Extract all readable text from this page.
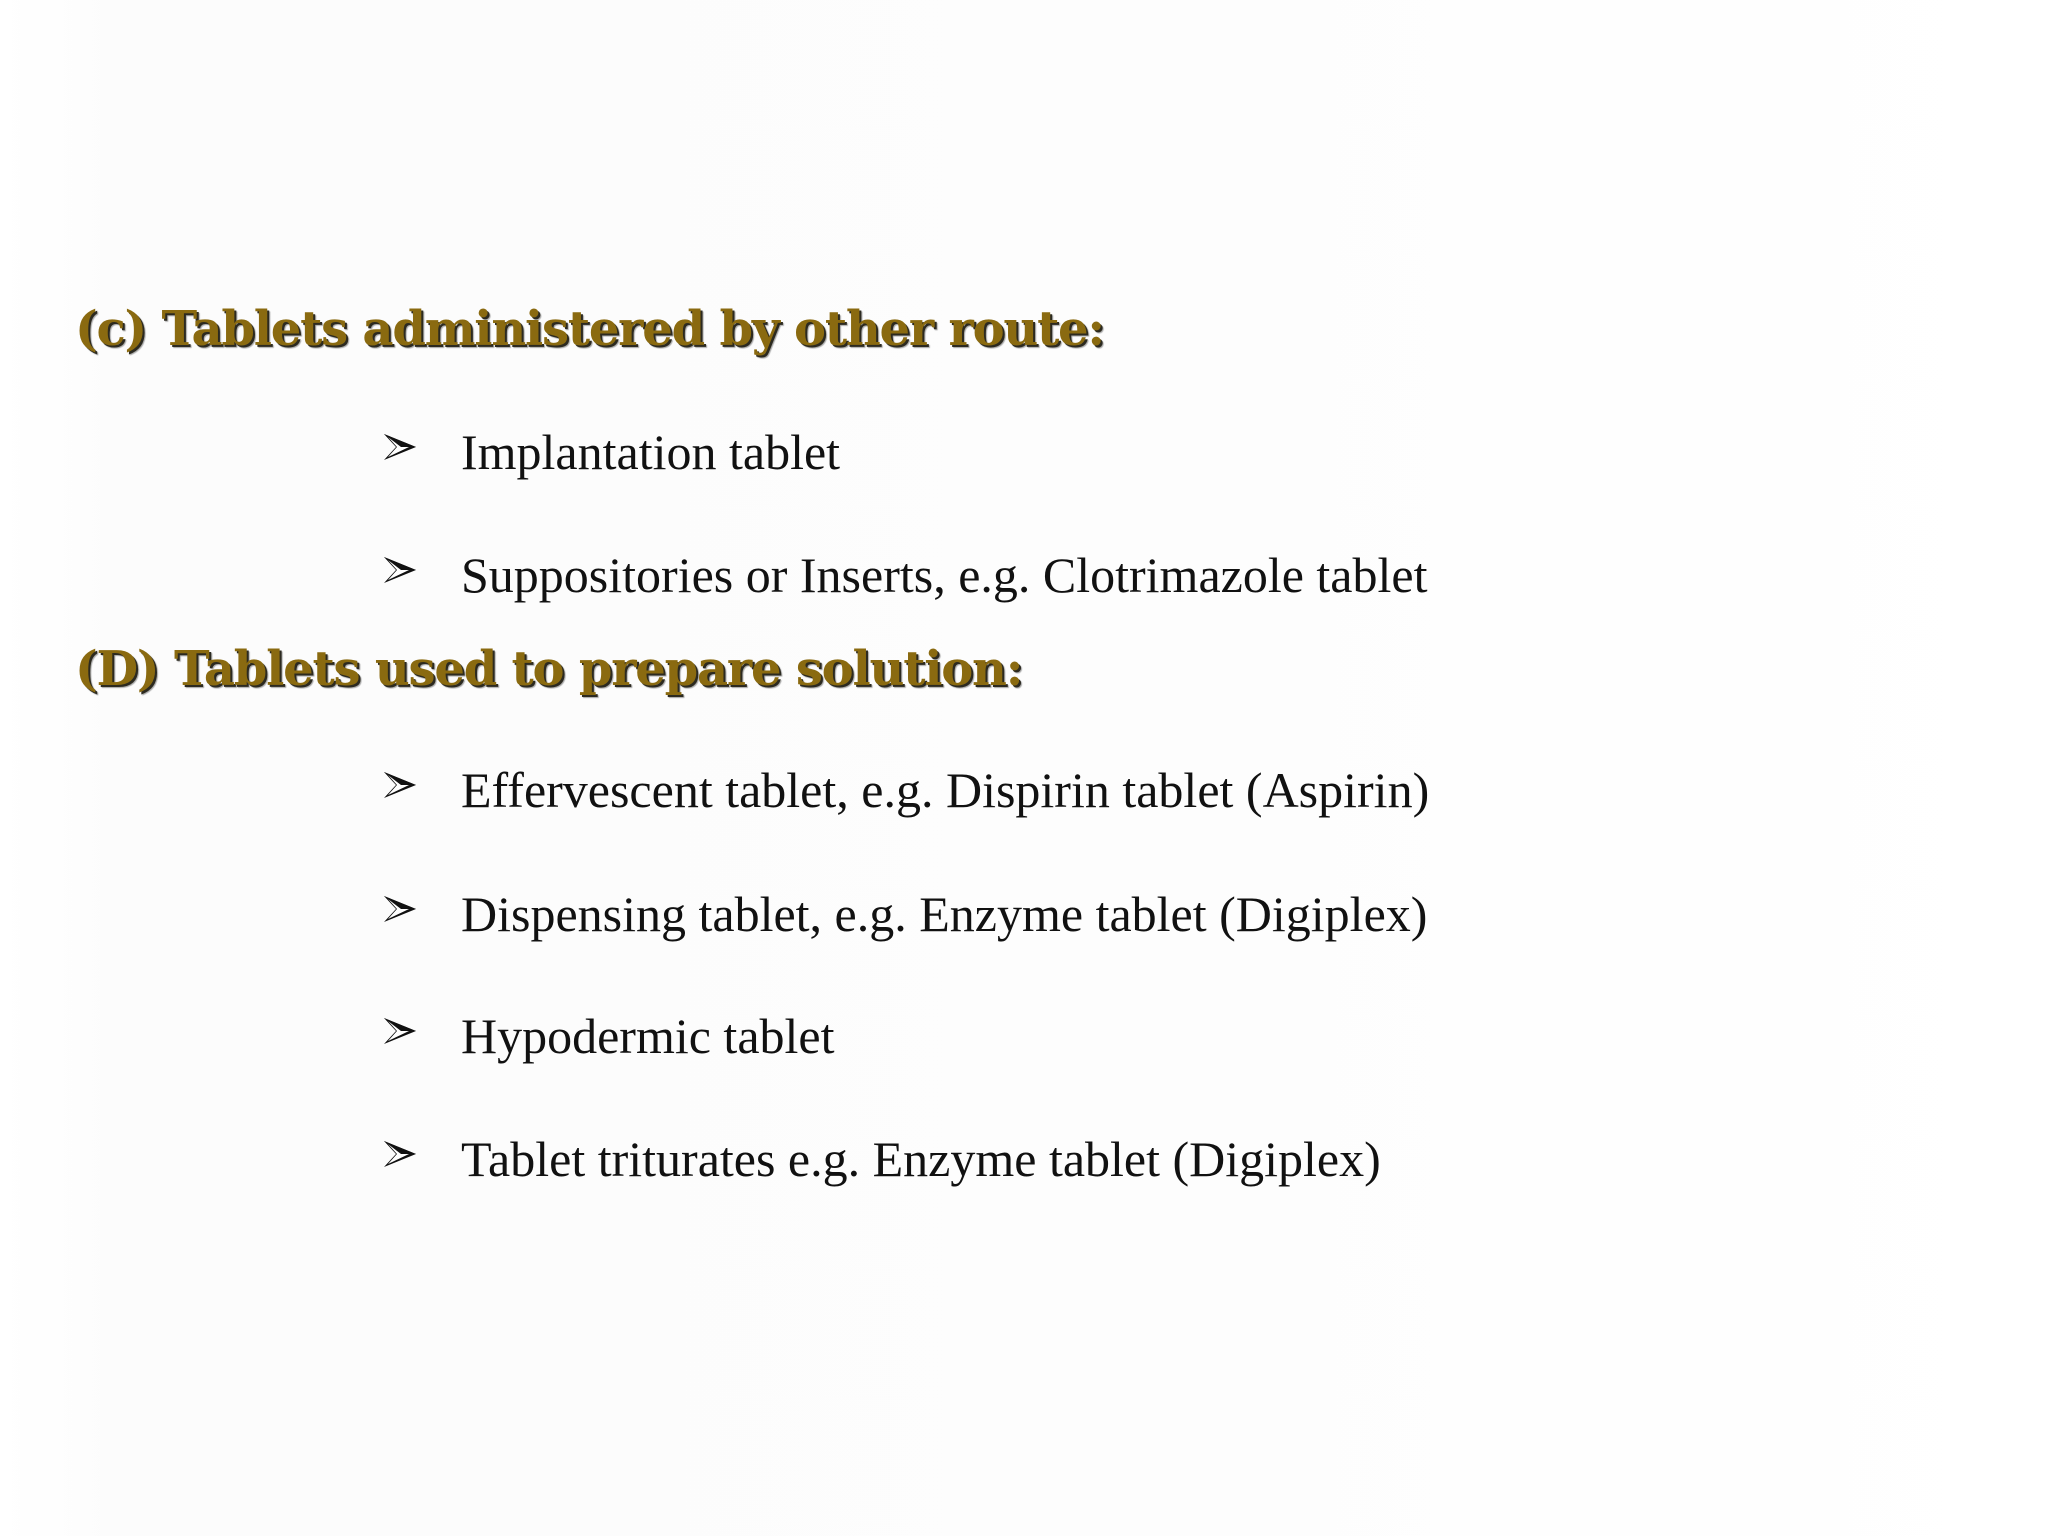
(c) Tablets administered by other route:
Implantation tablet
Suppositories or Inserts, e.g. Clotrimazole tablet
(D) Tablets used to prepare solution:
Effervescent tablet, e.g. Dispirin tablet (Aspirin)
Dispensing tablet, e.g. Enzyme tablet (Digiplex)
Hypodermic tablet
Tablet triturates e.g. Enzyme tablet (Digiplex)
